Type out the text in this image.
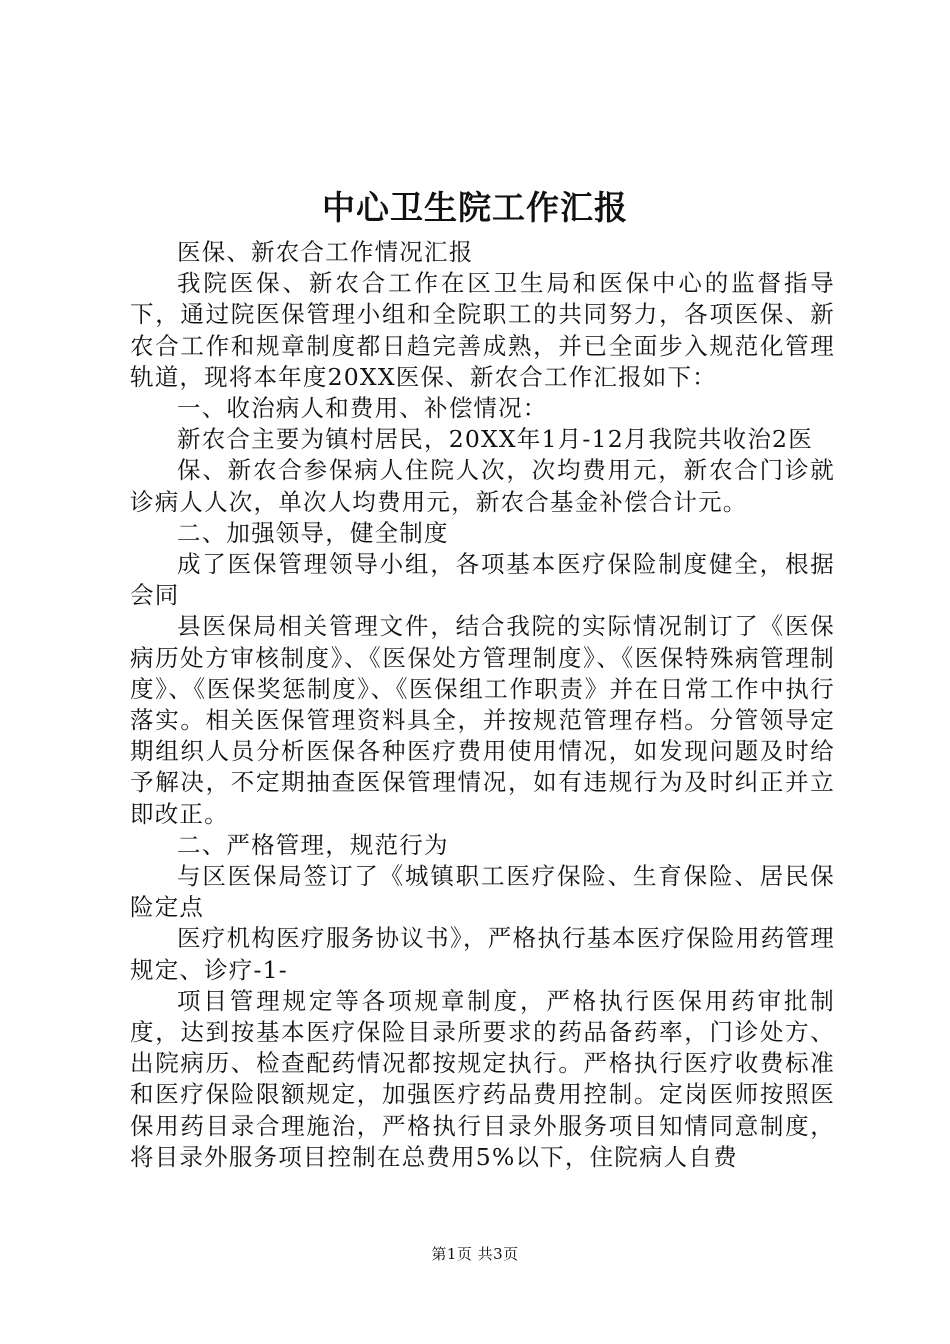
中心卫生院工作汇报

医保、新农合工作情况汇报

我院医保、新农合工作在区卫生局和医保中心的监督指导下，通过院医保管理小组和全院职工的共同努力，各项医保、新农合工作和规章制度都日趋完善成熟，并已全面步入规范化管理轨道，现将本年度20XX医保、新农合工作汇报如下：

一、收治病人和费用、补偿情况：

新农合主要为镇村居民，20XX年1月-12月我院共收治2医

保、新农合参保病人住院人次，次均费用元，新农合门诊就诊病人人次，单次人均费用元，新农合基金补偿合计元。

二、加强领导，健全制度

成了医保管理领导小组，各项基本医疗保险制度健全，根据会同

县医保局相关管理文件，结合我院的实际情况制订了《医保病历处方审核制度》、《医保处方管理制度》、《医保特殊病管理制度》、《医保奖惩制度》、《医保组工作职责》并在日常工作中执行落实。相关医保管理资料具全，并按规范管理存档。分管领导定期组织人员分析医保各种医疗费用使用情况，如发现问题及时给予解决，不定期抽查医保管理情况，如有违规行为及时纠正并立即改正。

二、严格管理，规范行为

与区医保局签订了《城镇职工医疗保险、生育保险、居民保险定点

医疗机构医疗服务协议书》，严格执行基本医疗保险用药管理规定、诊疗-1-

项目管理规定等各项规章制度，严格执行医保用药审批制度，达到按基本医疗保险目录所要求的药品备药率，门诊处方、出院病历、检查配药情况都按规定执行。严格执行医疗收费标准和医疗保险限额规定，加强医疗药品费用控制。定岗医师按照医保用药目录合理施治，严格执行目录外服务项目知情同意制度，将目录外服务项目控制在总费用5%以下，住院病人自费

第1页 共3页
